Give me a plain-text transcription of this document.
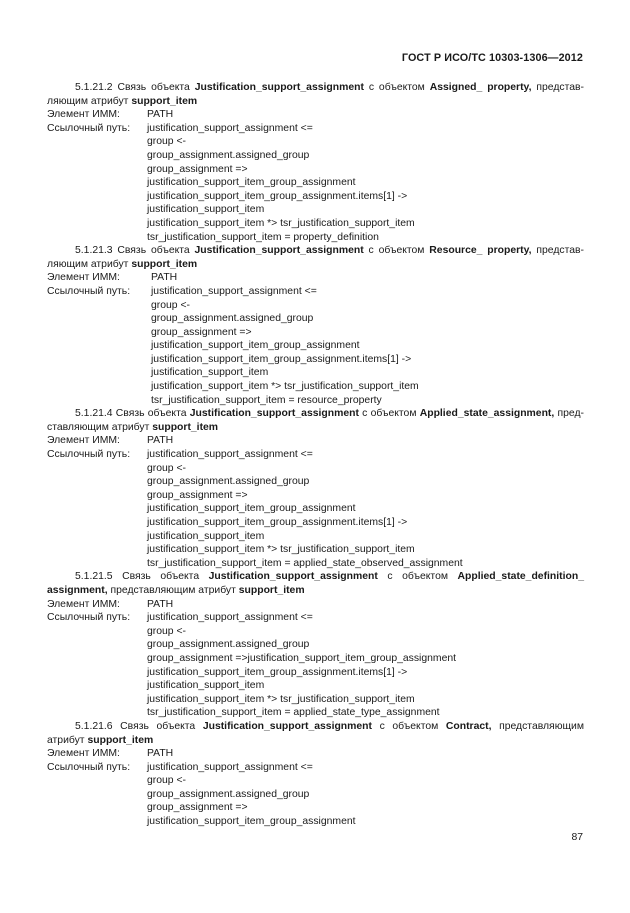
ГОСТ Р ИСО/ТС 10303-1306—2012
5.1.21.2 Связь объекта Justification_support_assignment с объектом Assigned_ property, представ-ляющим атрибут support_item
Элемент ИММ:	PATH
Ссылочный путь:	justification_support_assignment <=
group <-
group_assignment.assigned_group
group_assignment =>
justification_support_item_group_assignment
justification_support_item_group_assignment.items[1] ->
justification_support_item
justification_support_item *> tsr_justification_support_item
tsr_justification_support_item = property_definition
5.1.21.3 Связь объекта Justification_support_assignment с объектом Resource_ property, представ-ляющим атрибут support_item
Элемент ИММ:	PATH
Ссылочный путь:	justification_support_assignment <=
group <-
group_assignment.assigned_group
group_assignment =>
justification_support_item_group_assignment
justification_support_item_group_assignment.items[1] ->
justification_support_item
justification_support_item *> tsr_justification_support_item
tsr_justification_support_item = resource_property
5.1.21.4 Связь объекта Justification_support_assignment с объектом Applied_state_assignment, пред-ставляющим атрибут support_item
Элемент ИММ:	PATH
Ссылочный путь:	justification_support_assignment <=
group <-
group_assignment.assigned_group
group_assignment =>
justification_support_item_group_assignment
justification_support_item_group_assignment.items[1] ->
justification_support_item
justification_support_item *> tsr_justification_support_item
tsr_justification_support_item = applied_state_observed_assignment
5.1.21.5 Связь объекта Justification_support_assignment с объектом Applied_state_definition_ assignment, представляющим атрибут support_item
Элемент ИММ:	PATH
Ссылочный путь:	justification_support_assignment <=
group <-
group_assignment.assigned_group
group_assignment =>justification_support_item_group_assignment
justification_support_item_group_assignment.items[1] ->
justification_support_item
justification_support_item *> tsr_justification_support_item
tsr_justification_support_item = applied_state_type_assignment
5.1.21.6 Связь объекта Justification_support_assignment с объектом Contract, представляющим атрибут support_item
Элемент ИММ:	PATH
Ссылочный путь:	justification_support_assignment <=
group <-
group_assignment.assigned_group
group_assignment =>
justification_support_item_group_assignment
87
